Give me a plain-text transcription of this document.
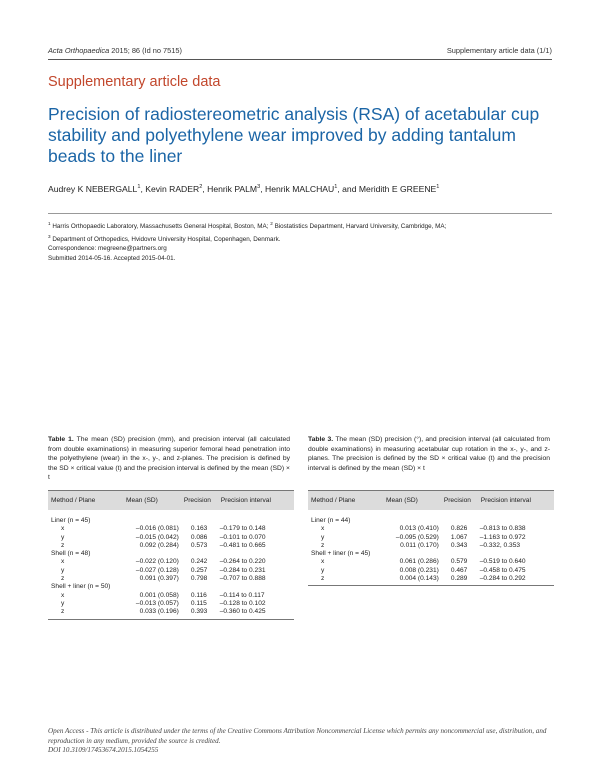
Acta Orthopaedica 2015; 86 (Id no 7515)	Supplementary article data (1/1)
Supplementary article data
Precision of radiostereometric analysis (RSA) of acetabular cup stability and polyethylene wear improved by adding tantalum beads to the liner
Audrey K NEBERGALL$^1$, Kevin RADER$^2$, Henrik PALM$^3$, Henrik MALCHAU$^1$, and Meridith E GREENE$^1$
$^1$ Harris Orthopaedic Laboratory, Massachusetts General Hospital, Boston, MA; $^2$ Biostatistics Department, Harvard University, Cambridge, MA;
$^3$ Department of Orthopedics, Hvidovre University Hospital, Copenhagen, Denmark.
Correspondence: megreene@partners.org
Submitted 2014-05-16. Accepted 2015-04-01.
Table 1. The mean (SD) precision (mm), and precision interval (all calculated from double examinations) in measuring superior femoral head penetration into the polyethylene (wear) in the x-, y-, and z-planes. The precision is defined by the SD × critical value (t) and the precision interval is defined by the mean (SD) × t
Method / Plane	Mean (SD)	Precision	Precision interval

Liner (n = 45)			
x	–0.016 (0.081)	0.163	–0.179 to 0.148
y	–0.015 (0.042)	0.086	–0.101 to 0.070
z	0.092 (0.284)	0.573	–0.481 to 0.665
Shell (n = 48)			
x	–0.022 (0.120)	0.242	–0.264 to 0.220
y	–0.027 (0.128)	0.257	–0.284 to 0.231
z	0.091 (0.397)	0.798	–0.707 to 0.888
Shell + liner (n = 50)			
x	0.001 (0.058)	0.116	–0.114 to 0.117
y	–0.013 (0.057)	0.115	–0.128 to 0.102
z	0.033 (0.196)	0.393	–0.360 to 0.425
Table 3. The mean (SD) precision (°), and precision interval (all calculated from double examinations) in measuring acetabular cup rotation in the x-, y-, and z-planes. The precision is defined by the SD × critical value (t) and the precision interval is defined by the mean (SD) × t
Method / Plane	Mean (SD)	Precision	Precision interval

Liner (n = 44)			
x	0.013 (0.410)	0.826	–0.813 to 0.838
y	–0.095 (0.529)	1.067	–1.163 to 0.972
z	0.011 (0.170)	0.343	–0.332, 0.353
Shell + liner (n = 45)			
x	0.061 (0.286)	0.579	–0.519 to 0.640
y	0.008 (0.231)	0.467	–0.458 to 0.475
z	0.004 (0.143)	0.289	–0.284 to 0.292
Open Access - This article is distributed under the terms of the Creative Commons Attribution Noncommercial License which permits any noncommercial use, distribution, and reproduction in any medium, provided the source is credited.
DOI 10.3109/17453674.2015.1054255
